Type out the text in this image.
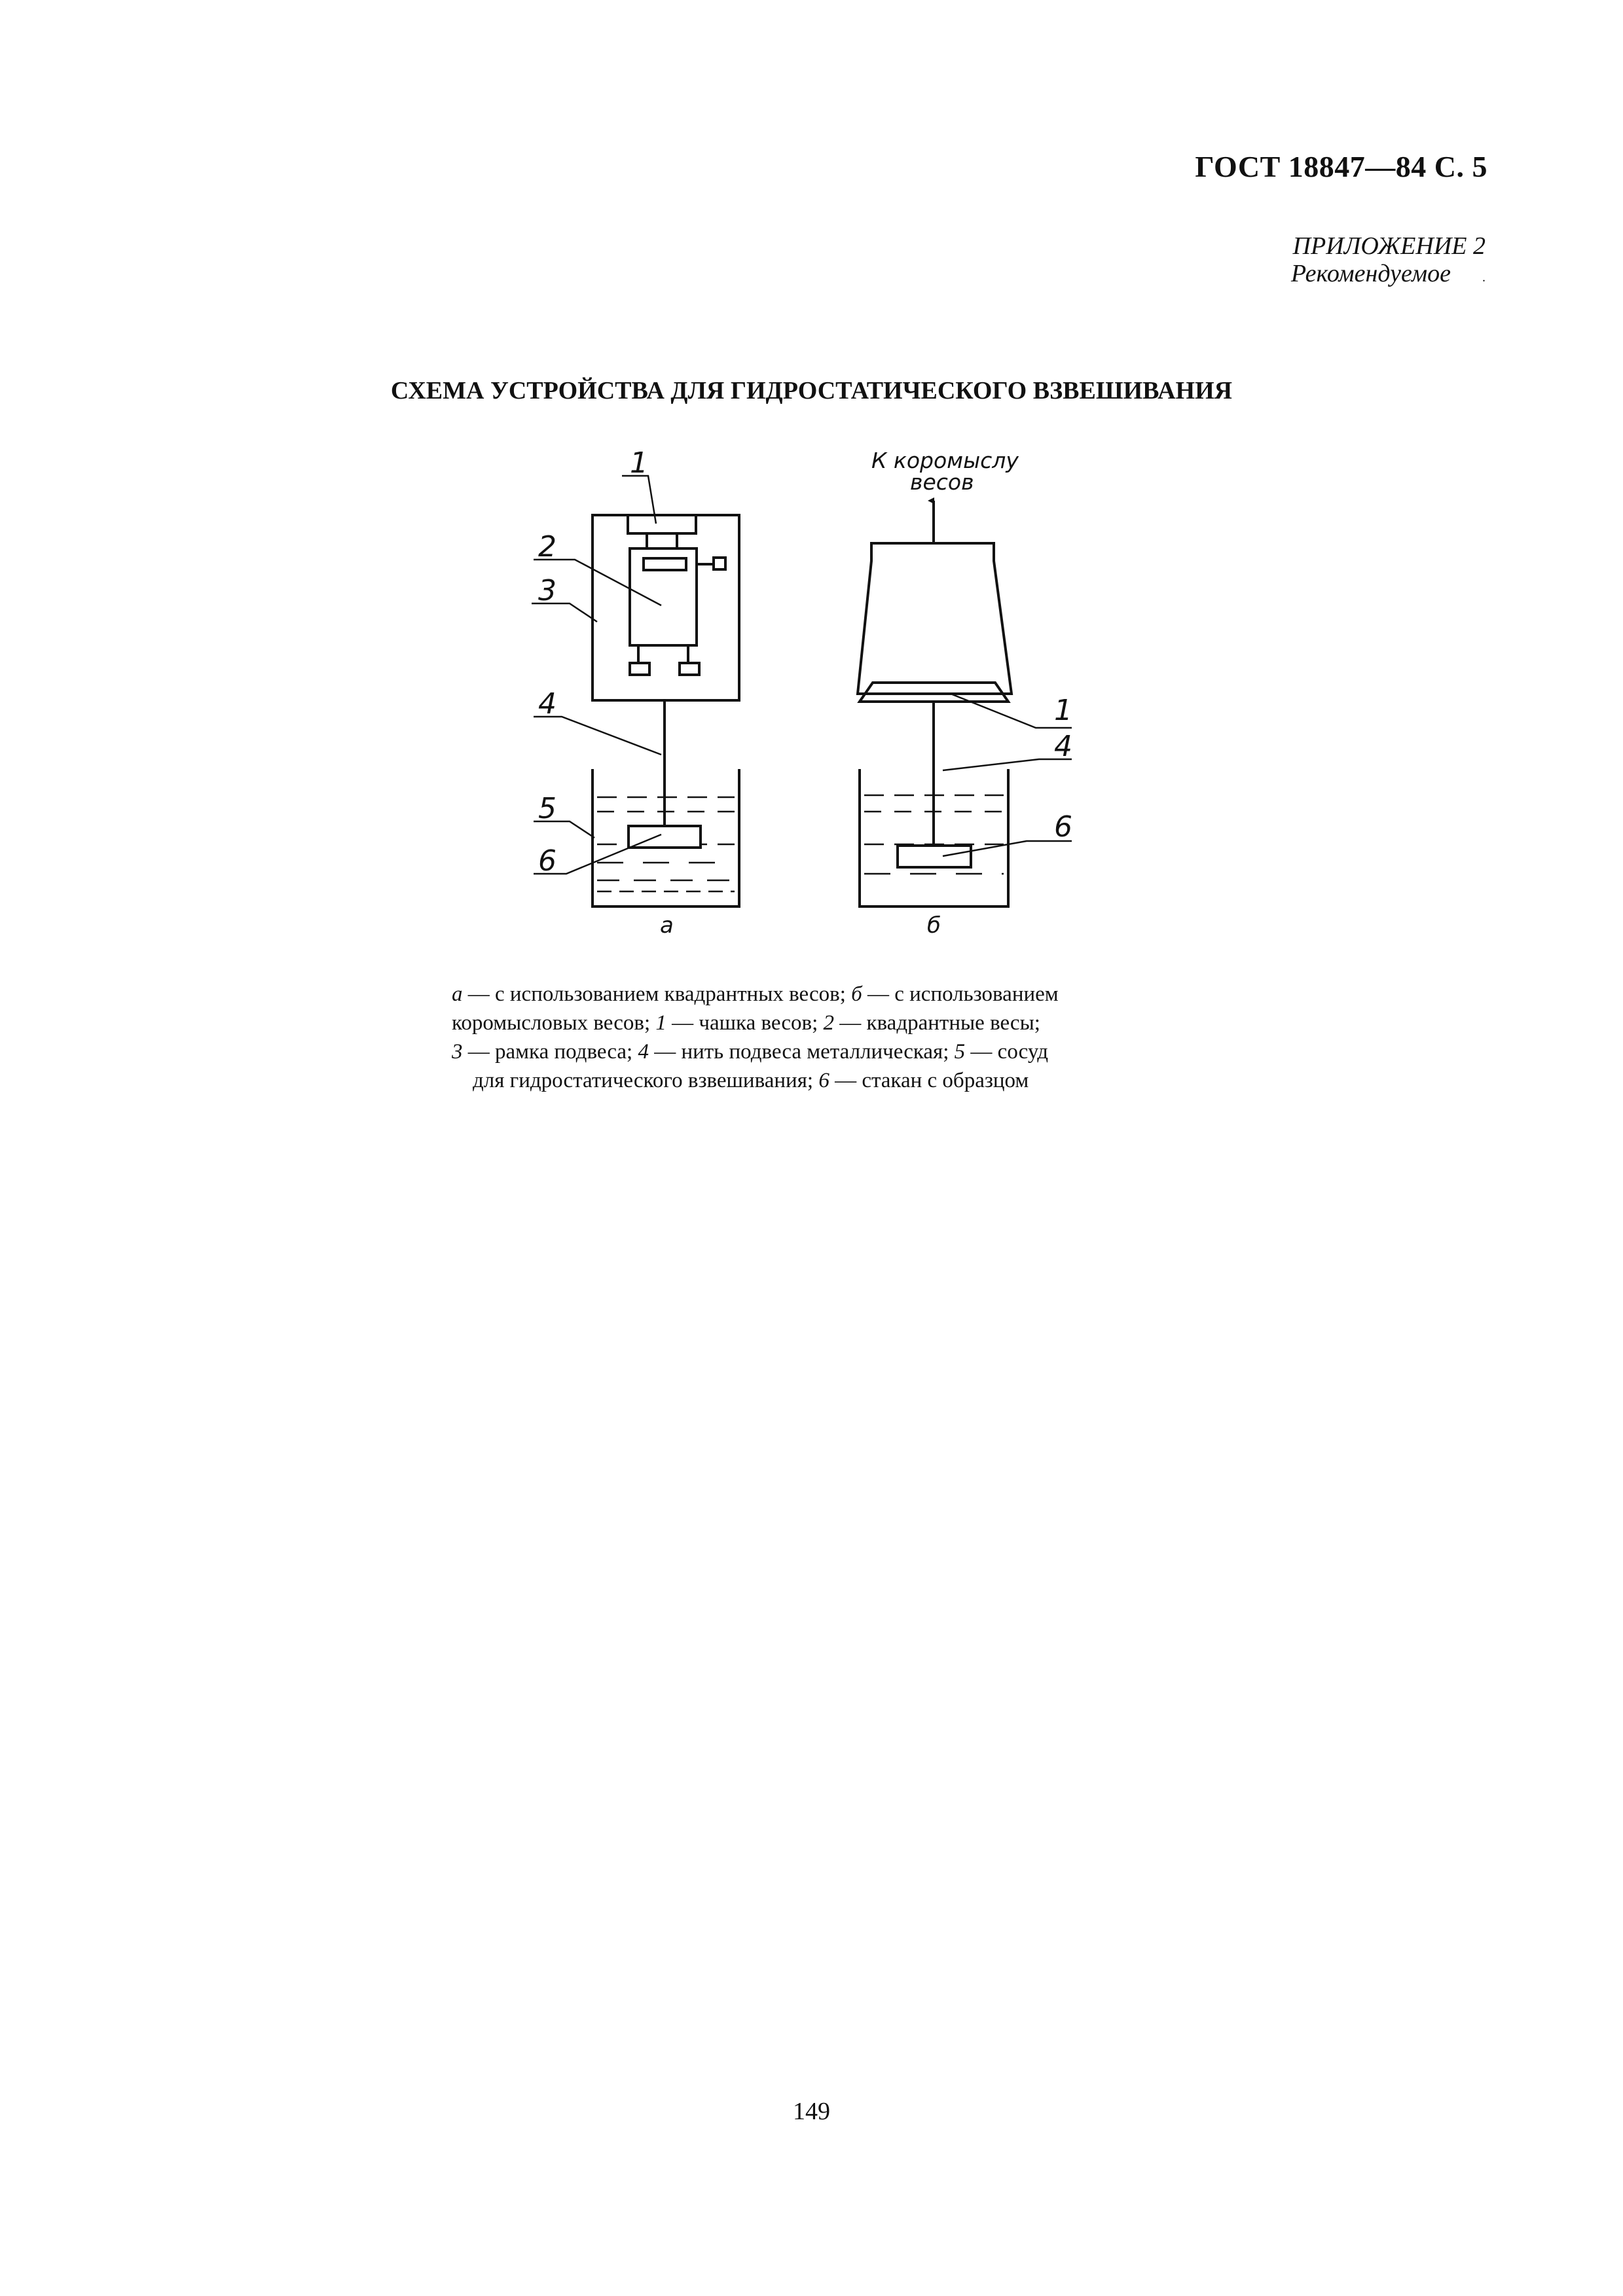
ГОСТ 18847—84 С. 5
ПРИЛОЖЕНИЕ 2
Рекомендуемое .
СХЕМА УСТРОЙСТВА ДЛЯ ГИДРОСТАТИЧЕСКОГО ВЗВЕШИВАНИЯ
1
2
3
4
5
6
а
К коромыслу
весов
1
4
6
б
а — с использованием квадрантных весов; б — с использованием
коромысловых весов; 1 — чашка весов; 2 — квадрантные весы;
3 — рамка подвеса; 4 — нить подвеса металлическая; 5 — сосуд
для гидростатического взвешивания; 6 — стакан с образцом
149
